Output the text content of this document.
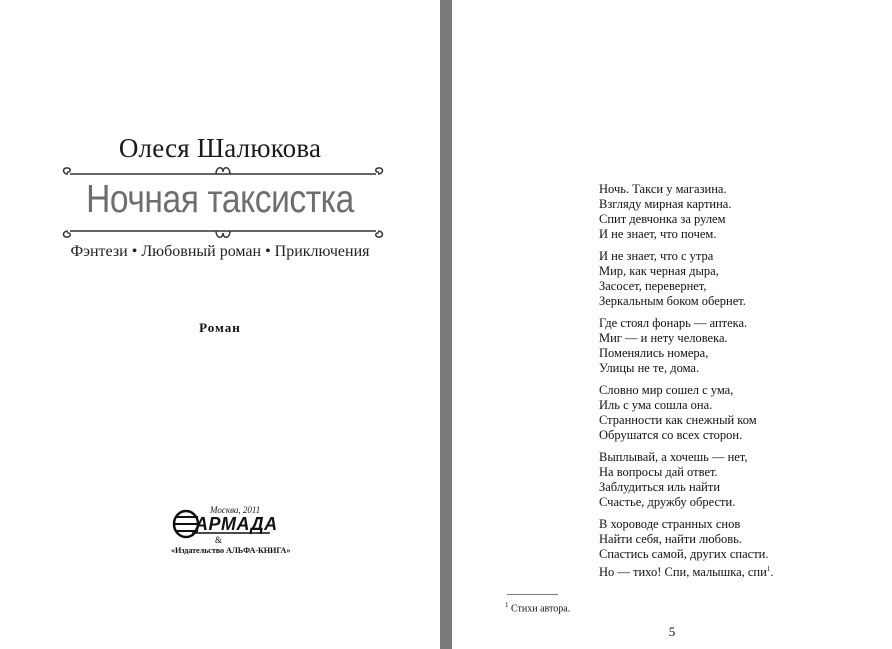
Олеся Шалюкова
Ночная таксистка
Фэнтези • Любовный роман • Приключения
Роман
Москва, 2011
АРМАДА
&
«Издательство АЛЬФА-КНИГА»
Ночь. Такси у магазина.
Взгляду мирная картина.
Спит девчонка за рулем
И не знает, что почем.
И не знает, что с утра
Мир, как черная дыра,
Засосет, перевернет,
Зеркальным боком обернет.
Где стоял фонарь — аптека.
Миг — и нету человека.
Поменялись номера,
Улицы не те, дома.
Словно мир сошел с ума,
Иль с ума сошла она.
Странности как снежный ком
Обрушатся со всех сторон.
Выплывай, а хочешь — нет,
На вопросы дай ответ.
Заблудиться иль найти
Счастье, дружбу обрести.
В хороводе странных снов
Найти себя, найти любовь.
Спастись самой, других спасти.
Но — тихо! Спи, малышка, спи$^1$.
$^1$ Стихи автора.
5
